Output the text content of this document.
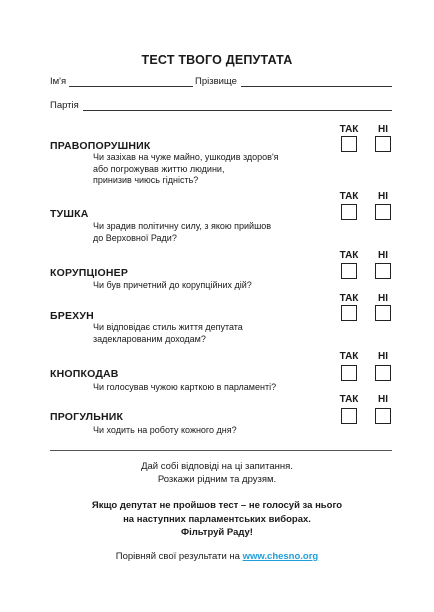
ТЕСТ ТВОГО ДЕПУТАТА
Ім'я	Прізвище
Партія
ТАК	НІ
ПРАВОПОРУШНИК
Чи зазіхав на чуже майно, ушкодив здоров'я
або погрожував життю людини,
принизив чиюсь гідність?
ТАК	НІ
ТУШКА
Чи зрадив політичну силу, з якою прийшов
до Верховної Ради?
ТАК	НІ
КОРУПЦІОНЕР
Чи був причетний до корупційних дій?
ТАК	НІ
БРЕХУН
Чи відповідає стиль життя депутата
задекларованим доходам?
ТАК	НІ
КНОПКОДАВ
Чи голосував чужою карткою в парламенті?
ТАК	НІ
ПРОГУЛЬНИК
Чи ходить на роботу кожного дня?
Дай собі відповіді на ці запитання.
Розкажи рідним та друзям.
Якщо депутат не пройшов тест – не голосуй за нього
на наступних парламентських виборах.
Фільтруй Раду!
Порівняй свої результати на www.chesno.org
